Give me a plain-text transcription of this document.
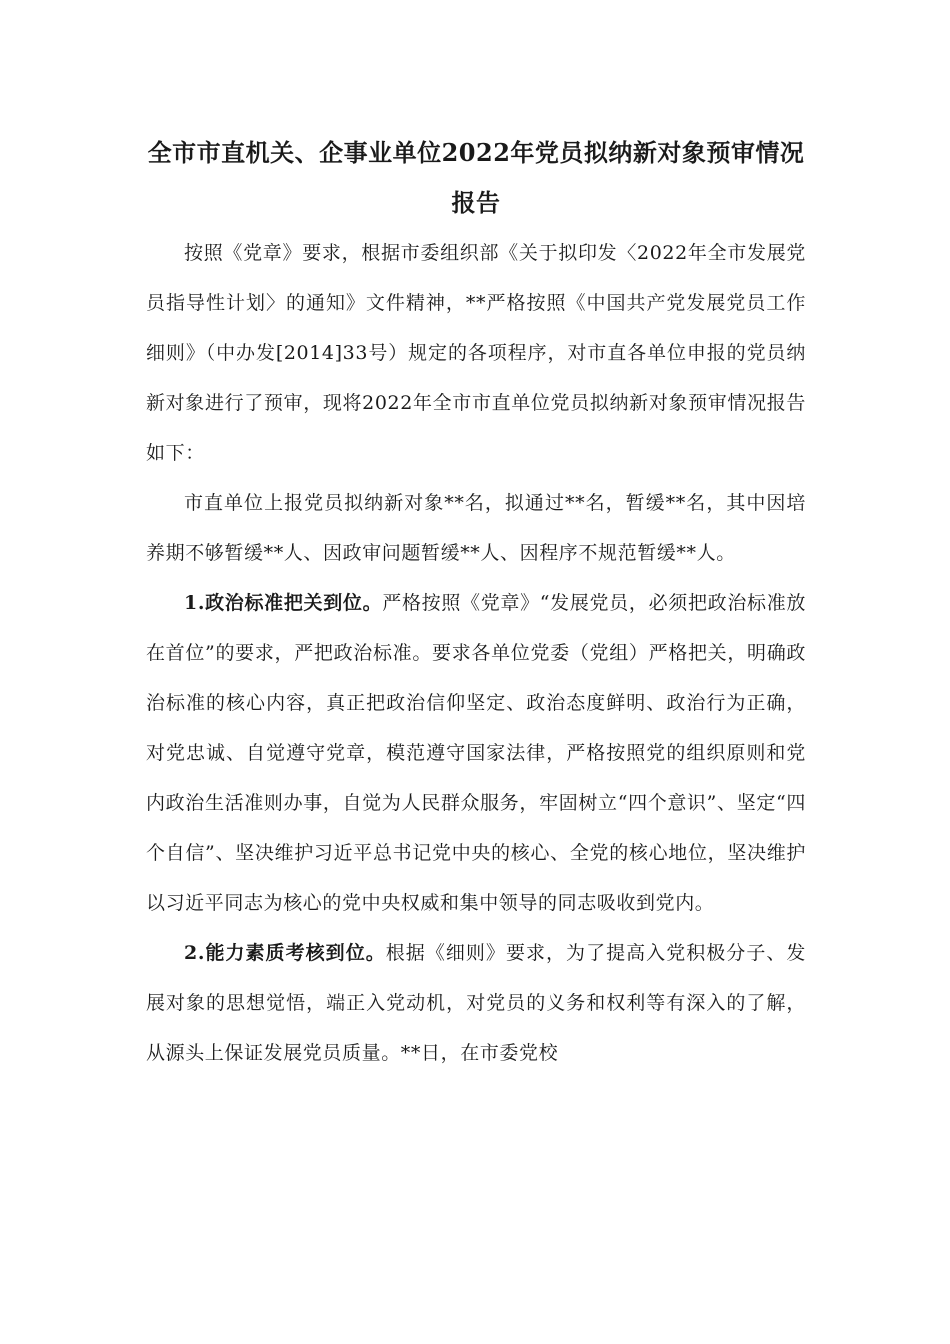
全市市直机关、企事业单位2022年党员拟纳新对象预审情况报告

按照《党章》要求，根据市委组织部《关于拟印发〈2022年全市发展党员指导性计划〉的通知》文件精神，**严格按照《中国共产党发展党员工作细则》（中办发[2014]33号）规定的各项程序，对市直各单位申报的党员纳新对象进行了预审，现将2022年全市市直单位党员拟纳新对象预审情况报告如下：

市直单位上报党员拟纳新对象**名，拟通过**名，暂缓**名，其中因培养期不够暂缓**人、因政审问题暂缓**人、因程序不规范暂缓**人。

1.政治标准把关到位。严格按照《党章》“发展党员，必须把政治标准放在首位”的要求，严把政治标准。要求各单位党委（党组）严格把关，明确政治标准的核心内容，真正把政治信仰坚定、政治态度鲜明、政治行为正确，对党忠诚、自觉遵守党章，模范遵守国家法律，严格按照党的组织原则和党内政治生活准则办事，自觉为人民群众服务，牢固树立“四个意识”、坚定“四个自信”、坚决维护习近平总书记党中央的核心、全党的核心地位，坚决维护以习近平同志为核心的党中央权威和集中领导的同志吸收到党内。

2.能力素质考核到位。根据《细则》要求，为了提高入党积极分子、发展对象的思想觉悟，端正入党动机，对党员的义务和权利等有深入的了解，从源头上保证发展党员质量。**日，在市委党校
